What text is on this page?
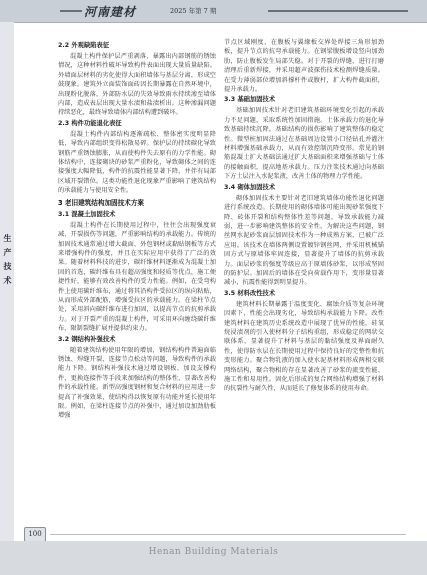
河南建材	2025 年第 7 期
生产技术
2.2 外观缺陷表征

混凝土构件保护层严重剥落，暴露出内部钢筋的锈蚀情况，这种材料性破坏导致构件表面出现大量质量缺陷。外墙面层材料的劣化使得大面积墙体与基层分离，形成空鼓现象。建筑外立面装饰面砖因长期暴露在自然环境中，出现粉化脱落，外部防水层的失效导致雨水持续渗至墙体内部，造成表层出现大量水渍和盐渍析出。这种渗漏问题持续恶化，最终导致墙体内部结构遭到破坏。

2.3 构件功能退化表征

混凝土构件内部结构逐渐疏松、整体密实度明显降低，导致内部组织变得松散易碎。保护层的持续碳化导致钢筋严重锈蚀膨胀，从而使构件失去原有的力学性能。砌体结构中，连接砌块的砂浆严重粉化，导致砌体之间的连接强度大幅降低，构件的抗震性能显著下降，并伴有局部区域开裂错位。这类功能性退化现象严重影响了建筑结构的承载能力与使用安全性。

3 老旧建筑结构加固技术方案
3.1 混凝土加固技术

混凝土构件在长期使用过程中，往往会出现强度衰减、开裂损伤等问题，严重影响结构的承载能力。传统的加固技术通常通过增大截面、外包钢材或黏贴钢板等方式来增强构件的强度，并且在实际应用中获得了广泛的效果。随着材料科技的进步，碳纤维材料逐渐成为混凝土加固的首选，碳纤维布具有超高强度和轻质等优点，施工便捷性好，能够有效改善构件的受力性能。例如，在受弯构件上使用碳纤维布，通过将其沿构件受拉区的纵向粘贴，从而形成外部配筋，增强受拉区的承载能力。在梁柱节点处，采用斜向碳纤维布进行加固，以提高节点的抗剪承载力。对于开裂严重的混凝土构件，可采用环向缠绕碳纤维布，限制裂缝扩展并提供约束力。

3.2 钢结构补强技术

随着建筑结构使用年限的增加，钢结构构件普遍面临锈蚀、焊缝开裂、连接节点松动等问题，导致构件的承载能力下降。钢结构补强技术通过增设钢板、加设支撑构件、更换连接件等手段来加强结构的整体性，显著改善构件的承载性能。新型高强度钢材和复合材料的应用进一步提高了补强效果，使结构得以恢复原有功能并延长使用年限。例如，在梁柱连接节点的补强中，通过加设加劲肋板增强

节点区域刚度，在腹板与翼缘板交界处焊接三角形加劲板，提升节点的抗弯承载能力。在钢梁腹板增设竖向加劲肋，防止腹板发生局部失稳。对于开裂的焊缝，进行打磨清理后重新焊接，并采用超声波探伤技术检测焊缝质量。在受力薄弱部位增加斜撑杆件或腹杆，扩大构件截面积，提升承载力。

3.3 基础加固技术

基础加固技术针对老旧建筑基础环境变化引起的承载力不足问题，采取系统性加固措施。土体承载力的退化导致基础持续沉降，基础结构的损伤影响了建筑整体的稳定性。微型桩加固法通过在基础周边设置小口径钻孔并灌注材料增强基础承载力，从而有效控制沉降变形。常见的钢筋混凝土扩大基础法通过扩大基础面积来增强基础与土体的接触面积，提高地基承载力。压力注浆技术通过向基础下方土层注入水泥浆液，改善土体的物理力学性能。

3.4 砌体加固技术

砌体加固技术主要针对老旧建筑墙体功能性退化问题进行系统改造。长期使用的砌体墙体可能出现砂浆强度下降、砖体开裂和结构整体性差等问题，导致承载能力减弱，进一步影响建筑整体的安全性。为解决这些问题，钢丝网水泥砂浆面层加固技术作为一种成熟方案，已被广泛应用。该技术在墙体两侧设置镀锌钢丝网，并采用机械锚固方式与原墙体牢固连接，显著提升了墙体的抗剪承载力。面层砂浆的强度等级应高于原墙体砂浆，以形成坚固的防护层。加固后的墙体在受向荷载作用下，变形量显著减小，抗震性能得到明显提升。

3.5 材料改性技术

建筑材料长期暴露于温度变化、腐蚀介质等复杂环境因素下，性能会出现劣化，导致结构承载能力下降。改性建筑材料在建筑历史系统改造中展现了优异的性能，硅氧烷浸渍剂的引入使材料分子结构重组，形成稳定的网状交联体系，显著提升了材料与基层的黏结强度及界面耐久性，使得防水层在长期使用过程中保持良好的完整性和抗变形能力。聚合物乳液的加入使水泥基材料形成两相交联网络结构，聚合物相的存在显著改善了砂浆的流变性能、施工性和易用性。固化后形成的复合网络结构增强了材料的抗裂性与耐久性，从而延长了修复体系的使用寿命。

100
Henan Building Materials
